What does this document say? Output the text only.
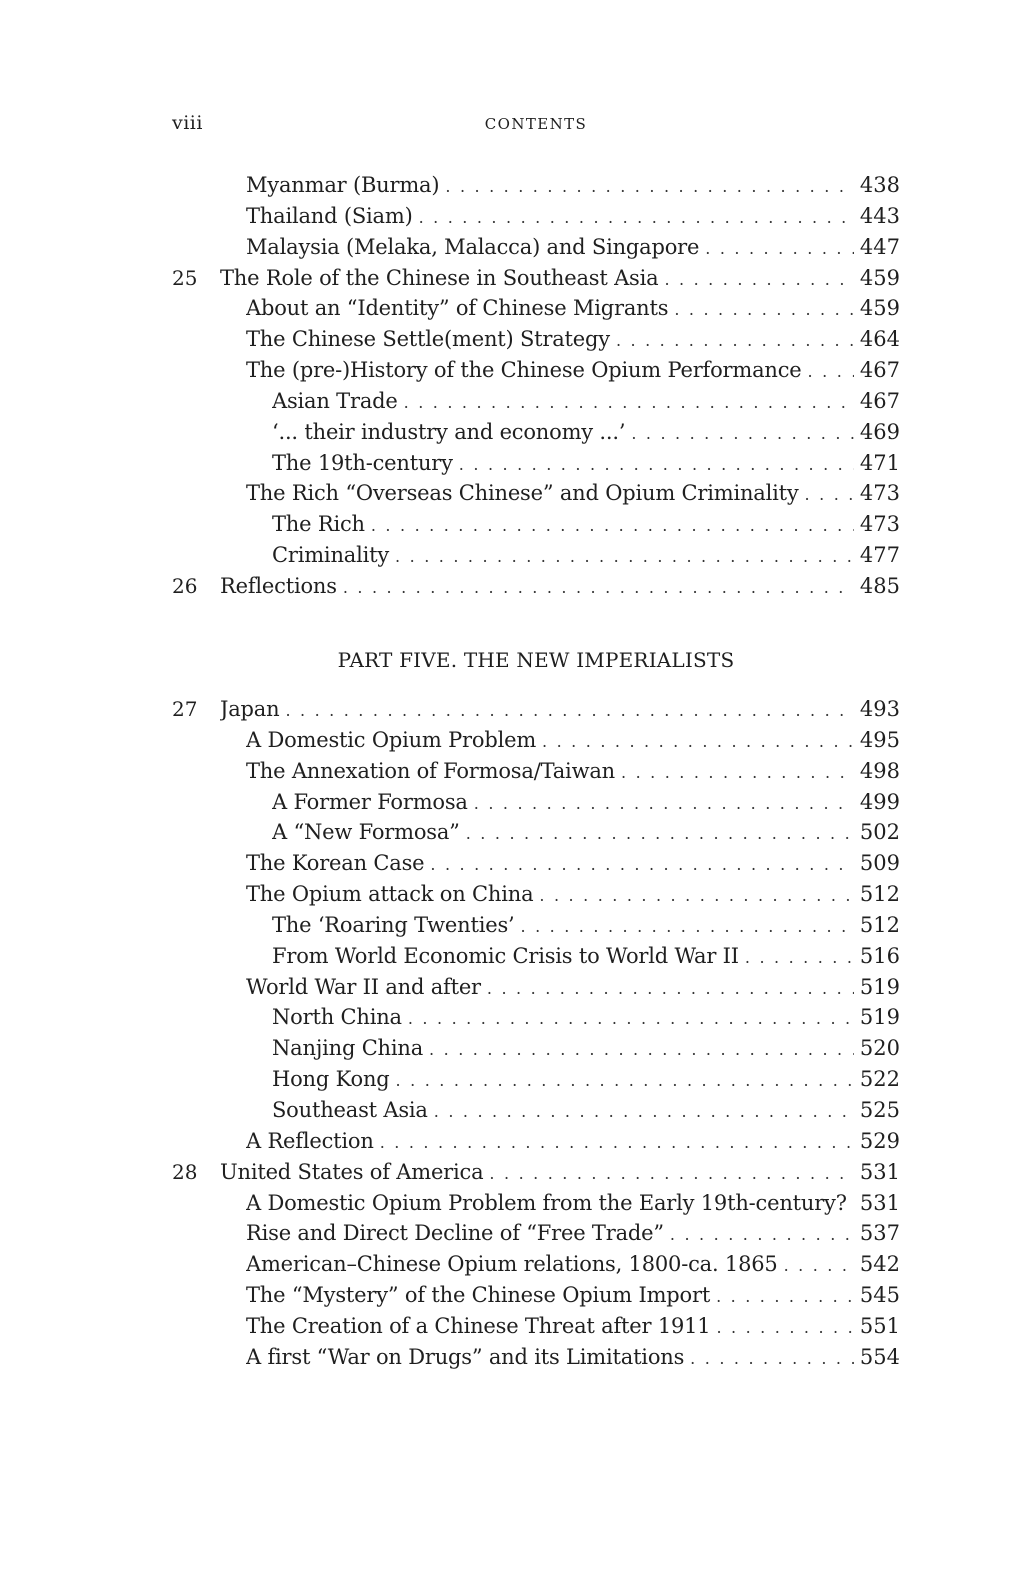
viii	CONTENTS
Myanmar (Burma) . . .	438
Thailand (Siam) . . .	443
Malaysia (Melaka, Malacca) and Singapore . . .	447
25 The Role of the Chinese in Southeast Asia . . .	459
About an “Identity” of Chinese Migrants . . .	459
The Chinese Settle(ment) Strategy . . .	464
The (pre-)History of the Chinese Opium Performance . . .	467
Asian Trade . . .	467
‘... their industry and economy ...’ . . .	469
The 19th-century . . .	471
The Rich “Overseas Chinese” and Opium Criminality . . .	473
The Rich . . .	473
Criminality . . .	477
26 Reflections . . .	485
PART FIVE. THE NEW IMPERIALISTS
27 Japan . . .	493
A Domestic Opium Problem . . .	495
The Annexation of Formosa/Taiwan . . .	498
A Former Formosa . . .	499
A “New Formosa” . . .	502
The Korean Case . . .	509
The Opium attack on China . . .	512
The ‘Roaring Twenties’ . . .	512
From World Economic Crisis to World War II . . .	516
World War II and after . . .	519
North China . . .	519
Nanjing China . . .	520
Hong Kong . . .	522
Southeast Asia . . .	525
A Reflection . . .	529
28 United States of America . . .	531
A Domestic Opium Problem from the Early 19th-century? . . . 531
Rise and Direct Decline of “Free Trade” . . .	537
American–Chinese Opium relations, 1800-ca. 1865 . . .	542
The “Mystery” of the Chinese Opium Import . . .	545
The Creation of a Chinese Threat after 1911 . . .	551
A first “War on Drugs” and its Limitations . . .	554
